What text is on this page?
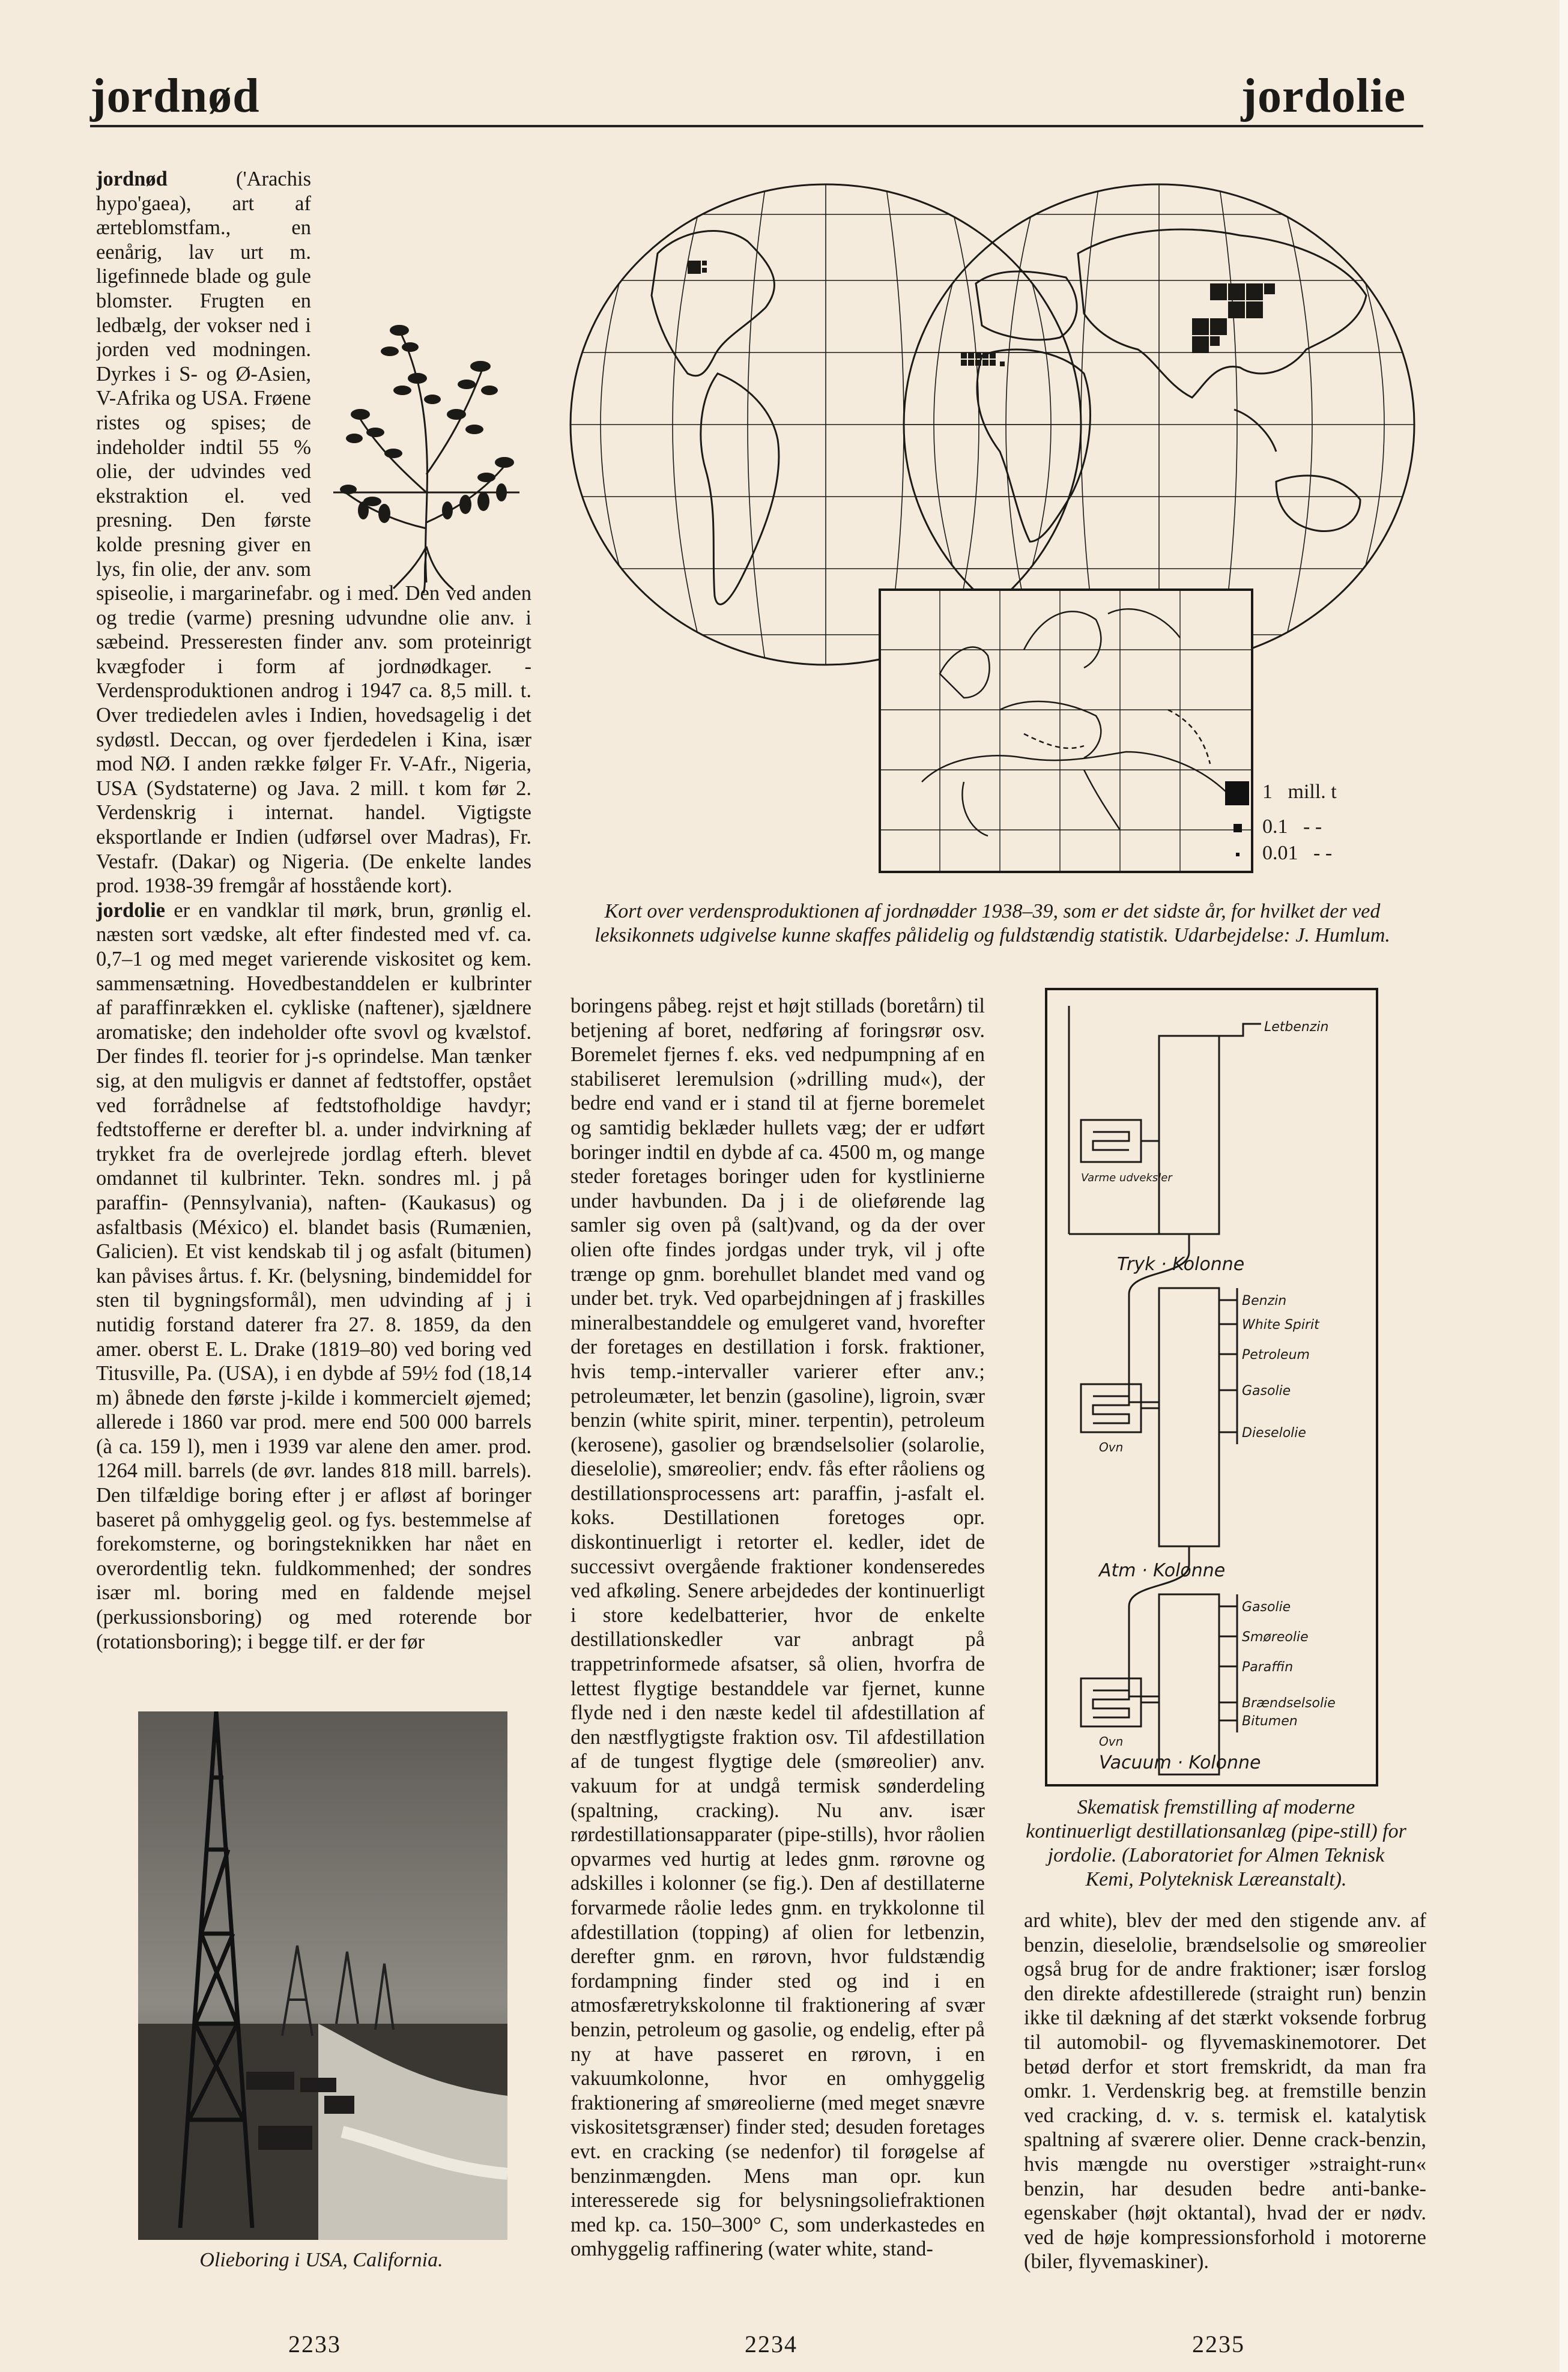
jordnød	jordolie

jordnød ('Arachis hypo'gaea), art af ærteblomstfam., en eenårig, lav urt m. ligefinnede blade og gule blomster. Frugten en ledbælg, der vokser ned i jorden ved modningen. Dyrkes i S- og Ø-Asien, V-Afrika og USA. Frøene ristes og spises; de indeholder indtil 55 % olie, der udvindes ved ekstraktion el. ved presning. Den første kolde presning giver en lys, fin olie, der anv. som spiseolie, i margarinefabr. og i med. Den ved anden og tredie (varme) presning udvundne olie anv. i sæbeind. Presseresten finder anv. som proteinrigt kvægfoder i form af jordnødkager. - Verdensproduktionen androg i 1947 ca. 8,5 mill. t. Over trediedelen avles i Indien, hovedsagelig i det sydøstl. Deccan, og over fjerdedelen i Kina, især mod NØ. I anden række følger Fr. V-Afr., Nigeria, USA (Sydstaterne) og Java. 2 mill. t kom før 2. Verdenskrig i internat. handel. Vigtigste eksportlande er Indien (udførsel over Madras), Fr. Vestafr. (Dakar) og Nigeria. (De enkelte landes prod. 1938-39 fremgår af hosstående kort).

jordolie er en vandklar til mørk, brun, grønlig el. næsten sort vædske, alt efter findested med vf. ca. 0,7–1 og med meget varierende viskositet og kem. sammensætning. Hovedbestanddelen er kulbrinter af paraffinrækken el. cykliske (naftener), sjældnere aromatiske; den indeholder ofte svovl og kvælstof. Der findes fl. teorier for j-s oprindelse. Man tænker sig, at den muligvis er dannet af fedtstoffer, opstået ved forrådnelse af fedtstofholdige havdyr; fedtstofferne er derefter bl. a. under indvirkning af trykket fra de overlejrede jordlag efterh. blevet omdannet til kulbrinter. Tekn. sondres ml. j på paraffin- (Pennsylvania), naften- (Kaukasus) og asfaltbasis (México) el. blandet basis (Rumænien, Galicien). Et vist kendskab til j og asfalt (bitumen) kan påvises årtus. f. Kr. (belysning, bindemiddel for sten til bygningsformål), men udvinding af j i nutidig forstand daterer fra 27. 8. 1859, da den amer. oberst E. L. Drake (1819–80) ved boring ved Titusville, Pa. (USA), i en dybde af 59½ fod (18,14 m) åbnede den første j-kilde i kommercielt øjemed; allerede i 1860 var prod. mere end 500 000 barrels (à ca. 159 l), men i 1939 var alene den amer. prod. 1264 mill. barrels (de øvr. landes 818 mill. barrels). Den tilfældige boring efter j er afløst af boringer baseret på omhyggelig geol. og fys. bestemmelse af forekomsterne, og boringsteknikken har nået en overordentlig tekn. fuldkommenhed; der sondres især ml. boring med en faldende mejsel (perkussionsboring) og med roterende bor (rotationsboring); i begge tilf. er der før

1 mill. t
0.1 - -
0.01 - -
Kort over verdensproduktionen af jordnødder 1938–39, som er det sidste år, for hvilket der ved leksikonnets udgivelse kunne skaffes pålidelig og fuldstændig statistik. Udarbejdelse: J. Humlum.

boringens påbeg. rejst et højt stillads (boretårn) til betjening af boret, nedføring af foringsrør osv. Boremelet fjernes f. eks. ved nedpumpning af en stabiliseret leremulsion (»drilling mud«), der bedre end vand er i stand til at fjerne boremelet og samtidig beklæder hullets væg; der er udført boringer indtil en dybde af ca. 4500 m, og mange steder foretages boringer uden for kystlinierne under havbunden. Da j i de olieførende lag samler sig oven på (salt)vand, og da der over olien ofte findes jordgas under tryk, vil j ofte trænge op gnm. borehullet blandet med vand og under bet. tryk. Ved oparbejdningen af j fraskilles mineralbestanddele og emulgeret vand, hvorefter der foretages en destillation i forsk. fraktioner, hvis temp.-intervaller varierer efter anv.; petroleumæter, let benzin (gasoline), ligroin, svær benzin (white spirit, miner. terpentin), petroleum (kerosene), gasolier og brændselsolier (solarolie, dieselolie), smøreolier; endv. fås efter råoliens og destillationsprocessens art: paraffin, j-asfalt el. koks. Destillationen foretoges opr. diskontinuerligt i retorter el. kedler, idet de successivt overgående fraktioner kondenseredes ved afkøling. Senere arbejdedes der kontinuerligt i store kedelbatterier, hvor de enkelte destillationskedler var anbragt på trappetrinformede afsatser, så olien, hvorfra de lettest flygtige bestanddele var fjernet, kunne flyde ned i den næste kedel til afdestillation af den næstflygtigste fraktion osv. Til afdestillation af de tungest flygtige dele (smøreolier) anv. vakuum for at undgå termisk sønderdeling (spaltning, cracking). Nu anv. især rørdestillationsapparater (pipe-stills), hvor råolien opvarmes ved hurtig at ledes gnm. rørovne og adskilles i kolonner (se fig.). Den af destillaterne forvarmede råolie ledes gnm. en trykkolonne til afdestillation (topping) af olien for letbenzin, derefter gnm. en rørovn, hvor fuldstændig fordampning finder sted og ind i en atmosfæretrykskolonne til fraktionering af svær benzin, petroleum og gasolie, og endelig, efter på ny at have passeret en rørovn, i en vakuumkolonne, hvor en omhyggelig fraktionering af smøreolierne (med meget snævre viskositetsgrænser) finder sted; desuden foretages evt. en cracking (se nedenfor) til forøgelse af benzinmængden. Mens man opr. kun interesserede sig for belysningsoliefraktionen med kp. ca. 150–300° C, som underkastedes en omhyggelig raffinering (water white, stand-

Letbenzin
Benzin
White Spirit
Petroleum
Gasolie
Dieselolie
Gasolie
Smøreolie
Paraffin
Brændselsolie
Bitumen
Varme udveksler
Ovn
Ovn
Tryk · Kolonne
Atm · Kolonne
Vacuum · Kolonne
Skematisk fremstilling af moderne kontinuerligt destillationsanlæg (pipe-still) for jordolie. (Laboratoriet for Almen Teknisk Kemi, Polyteknisk Læreanstalt).

ard white), blev der med den stigende anv. af benzin, dieselolie, brændselsolie og smøreolier også brug for de andre fraktioner; især forslog den direkte afdestillerede (straight run) benzin ikke til dækning af det stærkt voksende forbrug til automobil- og flyvemaskinemotorer. Det betød derfor et stort fremskridt, da man fra omkr. 1. Verdenskrig beg. at fremstille benzin ved cracking, d. v. s. termisk el. katalytisk spaltning af sværere olier. Denne crack-benzin, hvis mængde nu overstiger »straight-run« benzin, har desuden bedre anti-banke-egenskaber (højt oktantal), hvad der er nødv. ved de høje kompressionsforhold i motorerne (biler, flyvemaskiner).

Olieboring i USA, California.
2233	2234	2235
